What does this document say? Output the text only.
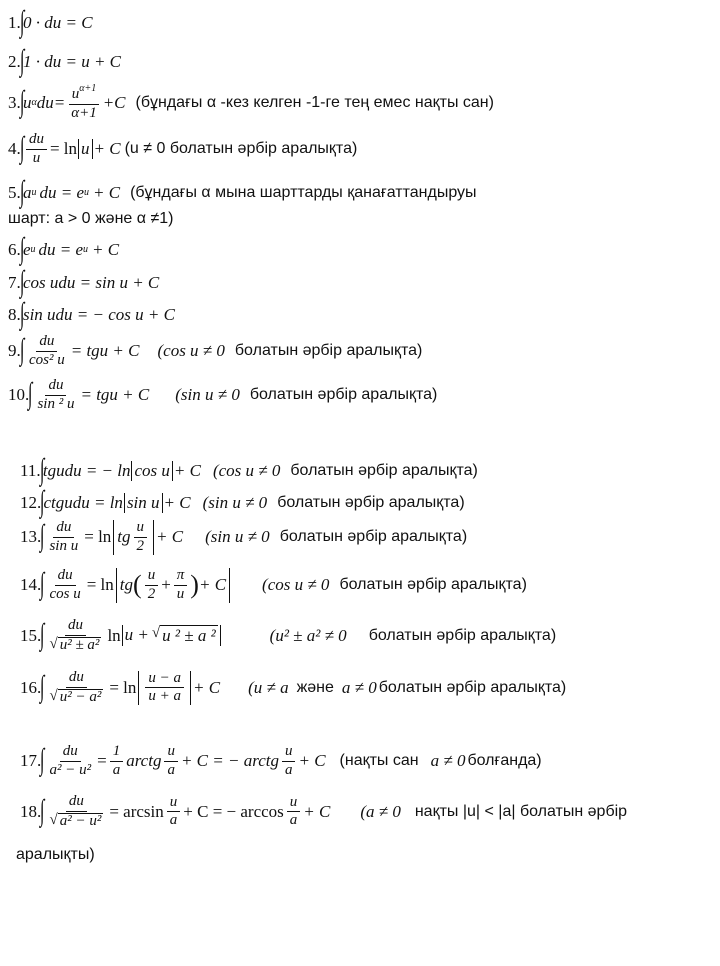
1.
∫
0 · du = C
2.
∫
1 · du = u + C
3.
∫
u α $du= \frac{u^{\alpha+1}}{\alpha+1} +C$ (бұндағы α -кез келген -1-ге тең емес нақты сан)
4.
∫ $\frac{du}{u} = \ln u + C$ (u ≠ 0 болатын әрбір аралықта)
5.
∫
a u du = e u + C (бұндағы α мына шарттарды қанағаттандыруы
шарт: a > 0 және α ≠1)
6.
∫
e u du = e u + C
7.
∫
cos udu = sin u + C
8.
∫
sin udu = − cos u + C
9.
∫ $\frac{du}{\text{cos² u}}$ = tgu + C (cos u ≠ 0 болатын әрбір аралықта)
10.
∫ $\frac{du}{\text{sin ² u}}$ = tgu + C (sin u ≠ 0 болатын әрбір аралықта)
11.
∫
tgudu = − ln cos u + C (cos u ≠ 0 болатын әрбір аралықта)
12.
∫
ctgudu = ln sin u + C (sin u ≠ 0 болатын әрбір аралықта)
13.
∫ $\frac{du}{\text{sin u}} = \ln$ tg $\frac{u}{2} + C$ (sin u ≠ 0 болатын әрбір аралықта)
14.
∫ $\frac{du}{\text{cos u}} = \ln$ tg ( $\frac{u}{2} + \frac{\pi}{u}$ ) + C (cos u ≠ 0 болатын әрбір аралықта)
15.
∫ $\frac{du}{\text{√ u² ± a²}}$ ln u + √ u ² ± a ²	(u² ± a² ≠ 0 болатын әрбір аралықта)
16.
∫ $\frac{du}{\text{√ u² − a²}} = \ln \frac{u - a}{u + a} + C$ (u ≠ a және a ≠ 0 болатын әрбір аралықта)
17.
∫ $\frac{du}{\text{a² − u²}} = \frac{1}{a}$ arctg $\frac{u}{a} + C$ = − arctg $\frac{u}{a} + C$ (нақты сан a ≠ 0 болғанда)
18.
∫ $\frac{du}{\text{√ a² − u²}} = \arcsin \frac{u}{a} + C$ = − $\arccos \frac{u}{a} + C$ (a ≠ 0 нақты |u| < |a| болатын әрбір
аралықты)
